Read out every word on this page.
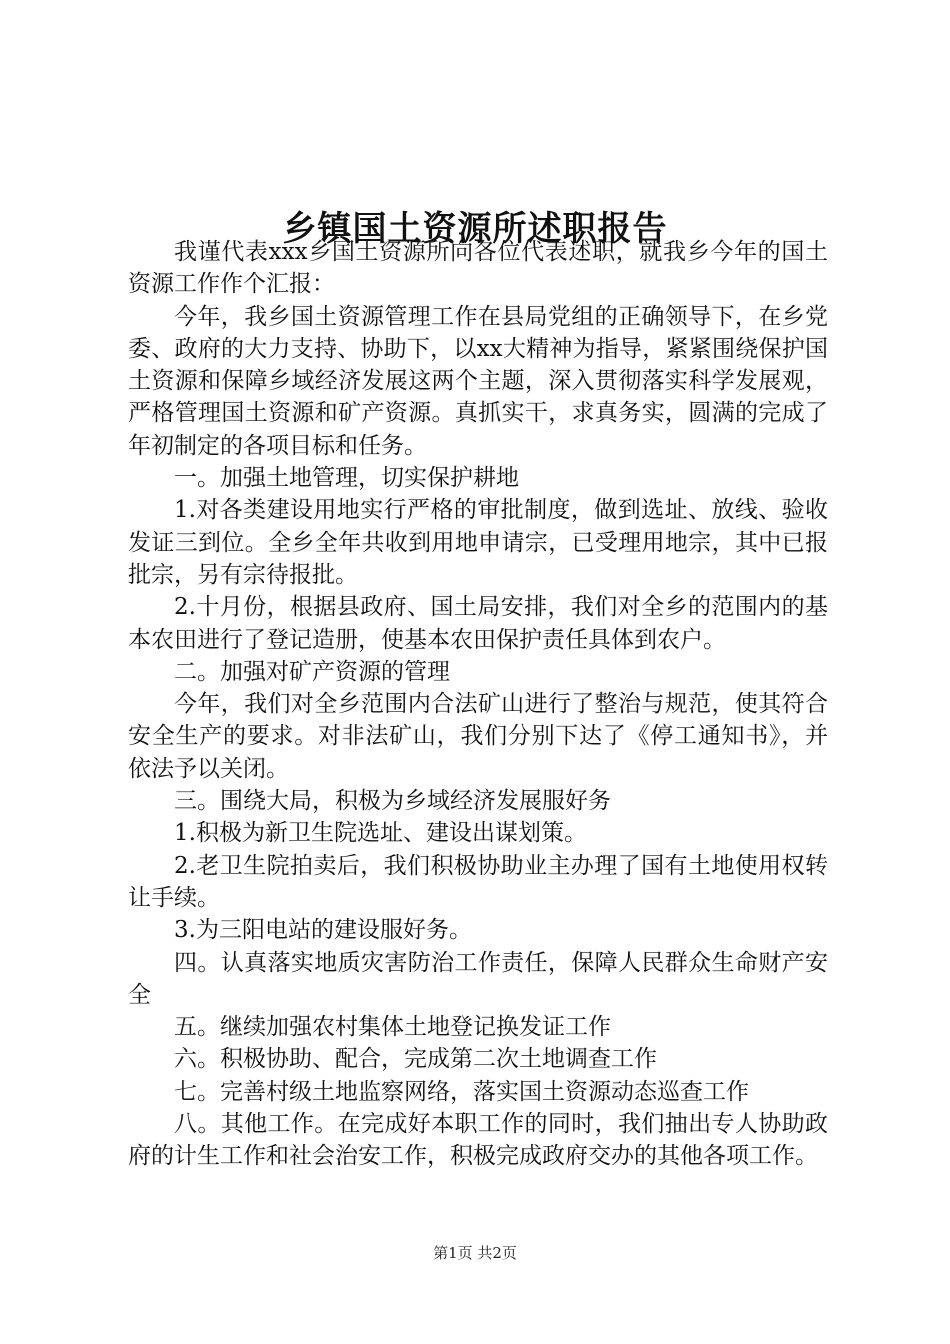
乡镇国土资源所述职报告

我谨代表xxx乡国土资源所向各位代表述职，就我乡今年的国土资源工作作个汇报：

今年，我乡国土资源管理工作在县局党组的正确领导下，在乡党委、政府的大力支持、协助下，以xx大精神为指导，紧紧围绕保护国土资源和保障乡域经济发展这两个主题，深入贯彻落实科学发展观，严格管理国土资源和矿产资源。真抓实干，求真务实，圆满的完成了年初制定的各项目标和任务。

一。加强土地管理，切实保护耕地

1.对各类建设用地实行严格的审批制度，做到选址、放线、验收发证三到位。全乡全年共收到用地申请宗，已受理用地宗，其中已报批宗，另有宗待报批。

2.十月份，根据县政府、国土局安排，我们对全乡的范围内的基本农田进行了登记造册，使基本农田保护责任具体到农户。

二。加强对矿产资源的管理

今年，我们对全乡范围内合法矿山进行了整治与规范，使其符合安全生产的要求。对非法矿山，我们分别下达了《停工通知书》，并依法予以关闭。

三。围绕大局，积极为乡域经济发展服好务

1.积极为新卫生院选址、建设出谋划策。

2.老卫生院拍卖后，我们积极协助业主办理了国有土地使用权转让手续。

3.为三阳电站的建设服好务。

四。认真落实地质灾害防治工作责任，保障人民群众生命财产安全

五。继续加强农村集体土地登记换发证工作

六。积极协助、配合，完成第二次土地调查工作

七。完善村级土地监察网络，落实国土资源动态巡查工作

八。其他工作。在完成好本职工作的同时，我们抽出专人协助政府的计生工作和社会治安工作，积极完成政府交办的其他各项工作。

第1页 共2页
